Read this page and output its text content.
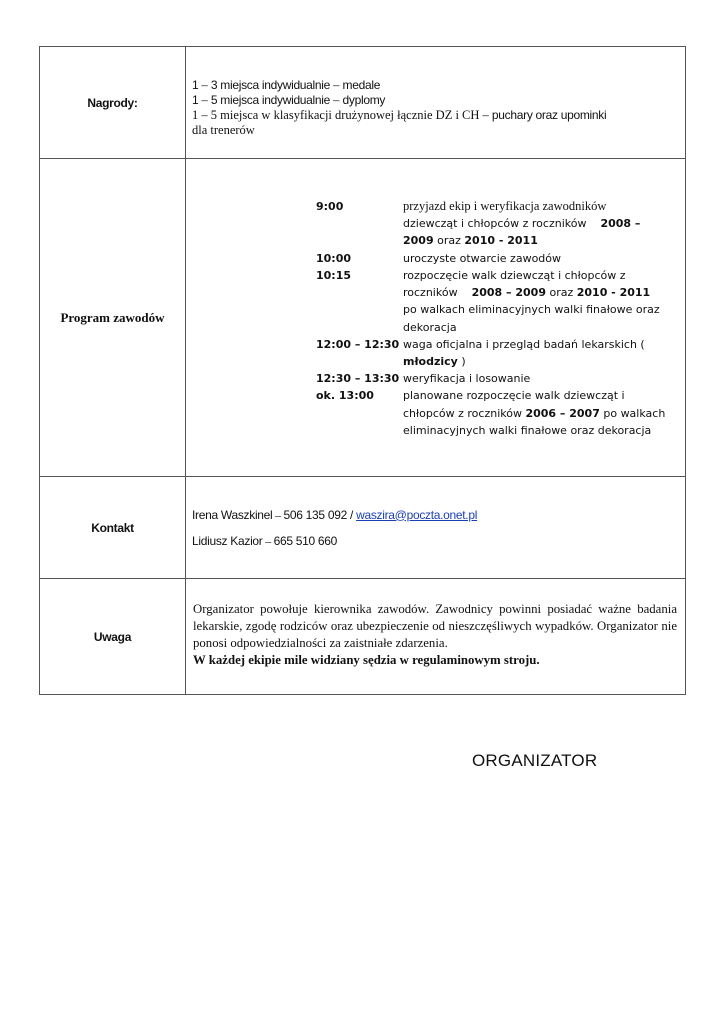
Nagrody:	
1 – 3 miejsca indywidualnie – medale
1 – 5 miejsca indywidualnie – dyplomy
1 – 5 miejsca w klasyfikacji drużynowej łącznie DZ i CH – puchary oraz upominki
dla trenerów

Program zawodów	
9:00	przyjazd ekip i weryfikacja zawodników
dziewcząt i chłopców z roczników 2008 – 2009 oraz 2010 - 2011
10:00	uroczyste otwarcie zawodów
10:15	rozpoczęcie walk dziewcząt i chłopców z roczników 2008 – 2009 oraz 2010 - 2011
po walkach eliminacyjnych walki finałowe oraz dekoracja
12:00 – 12:30	waga oficjalna i przegląd badań lekarskich ( młodzicy )
12:30 – 13:30	weryfikacja i losowanie
ok. 13:00	planowane rozpoczęcie walk dziewcząt i chłopców z roczników 2006 – 2007 po walkach eliminacyjnych walki finałowe oraz dekoracja

Kontakt	
Irena Waszkinel – 506 135 092 / waszira@poczta.onet.pl
Lidiusz Kazior – 665 510 660

Uwaga	
Organizator powołuje kierownika zawodów. Zawodnicy powinni posiadać ważne badania lekarskie, zgodę rodziców oraz ubezpieczenie od nieszczęśliwych wypadków. Organizator nie ponosi odpowiedzialności za zaistniałe zdarzenia.
W każdej ekipie mile widziany sędzia w regulaminowym stroju.
ORGANIZATOR
